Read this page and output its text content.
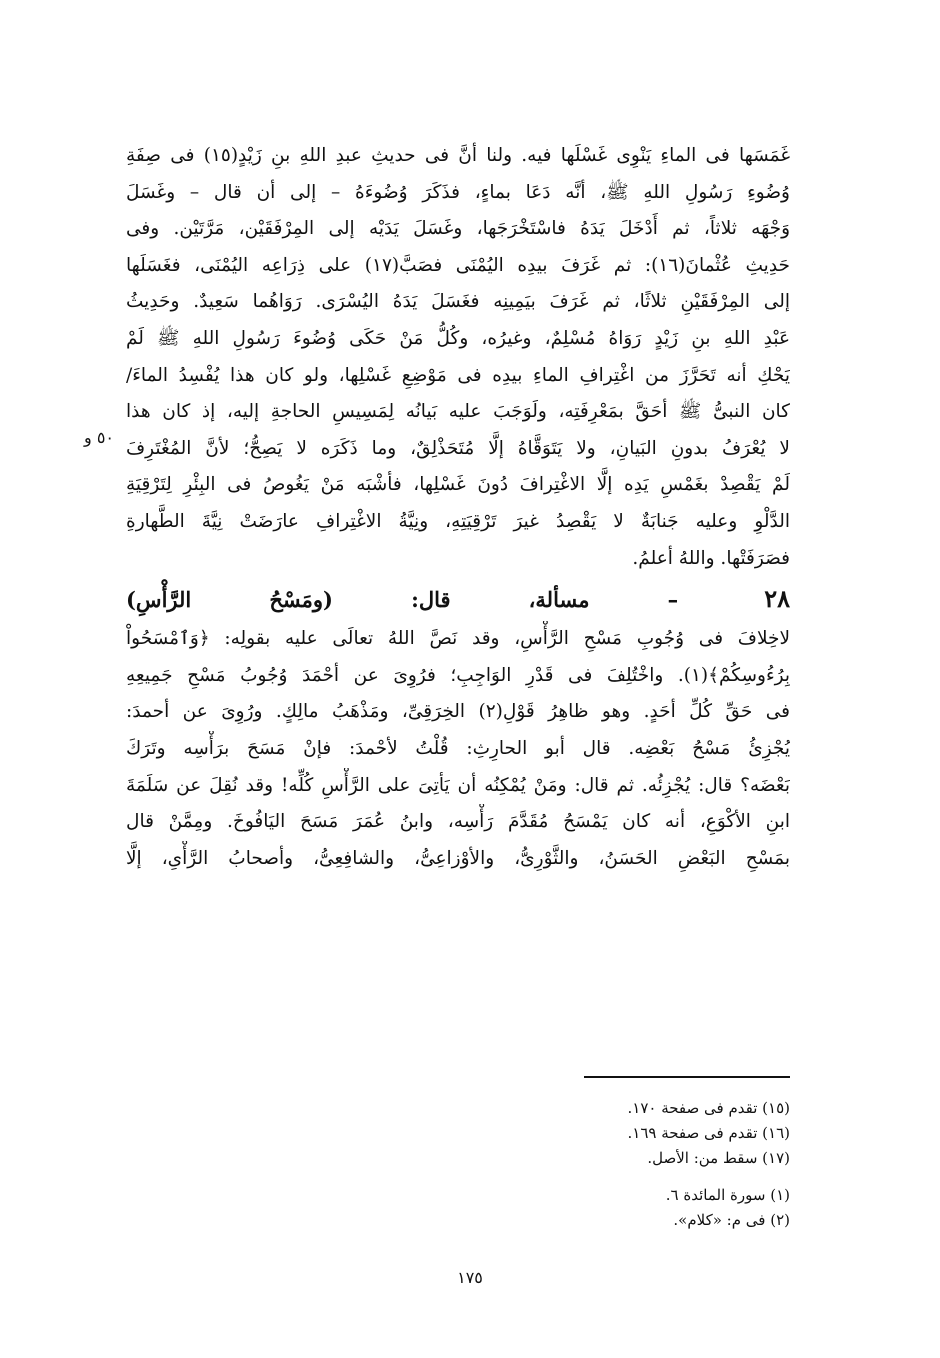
٥٠ و
غَمَسَها فى الماءِ يَنْوِى غَسْلَها فيه. ولنا أنَّ فى حديثِ عبدِ اللهِ بنِ زَيْدٍ(١٥) فى صِفَةِ
وُضُوءِ رَسُولِ اللهِ ﷺ، أنَّه دَعَا بماءٍ، فذَكَرَ وُضُوءَهُ – إلى أن قال – وغَسَلَ
وَجْهَه ثلاثاً، ثم أَدْخَلَ يَدَهُ فاسْتَخْرَجَها، وغَسَلَ يَدَيْه إلى المِرْفَقَيْن، مَرَّتَيْن. وفى
حَدِيثِ عُثْمانَ(١٦): ثم غَرَفَ بيدِه اليُمْنَى فصَبَّ(١٧) على ذِرَاعِه اليُمْنَى، فغَسَلَها
إلى المِرْفَقَيْنِ ثلاثًا، ثم غَرَفَ بيَمِينِه فغَسَلَ يَدَهُ اليُسْرَى. رَوَاهُما سَعِيدٌ. وحَدِيثُ
عَبْدِ اللهِ بنِ زَيْدٍ رَوَاهُ مُسْلِمٌ، وغيرُه، وكُلُّ مَنْ حَكَى وُضُوءَ رَسُولِ اللهِ ﷺ لَمْ
يَحْكِ أنه تَحَرَّزَ من اغْتِرافِ الماءِ بيدِه فى مَوْضِعِ غَسْلِها، ولو كان هذا يُفْسِدُ الماءَ/
كان النبىُّ ﷺ أحَقَّ بمَعْرِفَتِه، ولَوَجَبَ عليه بَيانُه لِمَسِيسِ الحاجةِ إليه، إذ كان هذا
لا يُعْرَفُ بدونِ البَيانِ، ولا يَتَوَقَّاهُ إلَّا مُتَحَذْلِقٌ، وما ذَكَرَه لا يَصِحُّ؛ لأنَّ المُغْتَرِفَ
لَمْ يَقْصِدْ بغَمْسِ يَدِه إلَّا الاغْتِرافَ دُونَ غَسْلِها، فأشْبَه مَنْ يَغُوصُ فى البِئْرِ لِتَرْقِيَةِ
الدَّلْوِ وعليه جَنابَةٌ لا يَقْصِدُ غيرَ تَرْقِيَتِهِ، ونِيَّةُ الاغْتِرافِ عارَضَتْ نِيَّةَ الطَّهارةِ
فصَرَفَتْها. واللهُ أعلمُ.
٢٨ – مسألة، قال: (ومَسْحُ الرَّأْسِ)
لاخِلافَ فى وُجُوبِ مَسْحِ الرَّأْسِ، وقد نَصَّ اللهُ تعالَى عليه بقولِه: ﴿وَٱمْسَحُواْ
بِرُءُوسِكُمْ﴾(١). واخْتُلِفَ فى قَدْرِ الوَاجِبِ؛ فرُوِىَ عن أحْمَدَ وُجُوبُ مَسْحِ جَمِيعِهِ
فى حَقِّ كُلِّ أحَدٍ. وهو ظاهِرُ قَوْلِ(٢) الخِرَقِىِّ، ومَذْهَبُ مالِكٍ. ورُوِىَ عن أحمدَ:
يُجْزِئُ مَسْحُ بَعْضِه. قال أبو الحارِثِ: قُلْتُ لأحْمدَ: فإنْ مَسَحَ برَأْسِه وتَرَكَ
بَعْضَه؟ قال: يُجْزِئُه. ثم قال: ومَنْ يُمْكِنُه أن يَأتِىَ على الرَّأْسِ كُلِّه! وقد نُقِلَ عن سَلَمَةَ
ابنِ الأكْوَعِ، أنه كان يَمْسَحُ مُقَدَّمَ رَأْسِه، وابنُ عُمَرَ مَسَحَ اليَافُوخَ. ومِمَّنْ قال
بمَسْحِ البَعْضِ الحَسَنُ، والثَّوْرِىُّ، والأوْزاعِىُّ، والشافِعِىُّ، وأصحابُ الرَّأْىِ، إلَّا
(١٥) تقدم فى صفحة ١٧٠.
(١٦) تقدم فى صفحة ١٦٩.
(١٧) سقط من: الأصل.
(١) سورة المائدة ٦.
(٢) فى م: «كلام».
١٧٥
